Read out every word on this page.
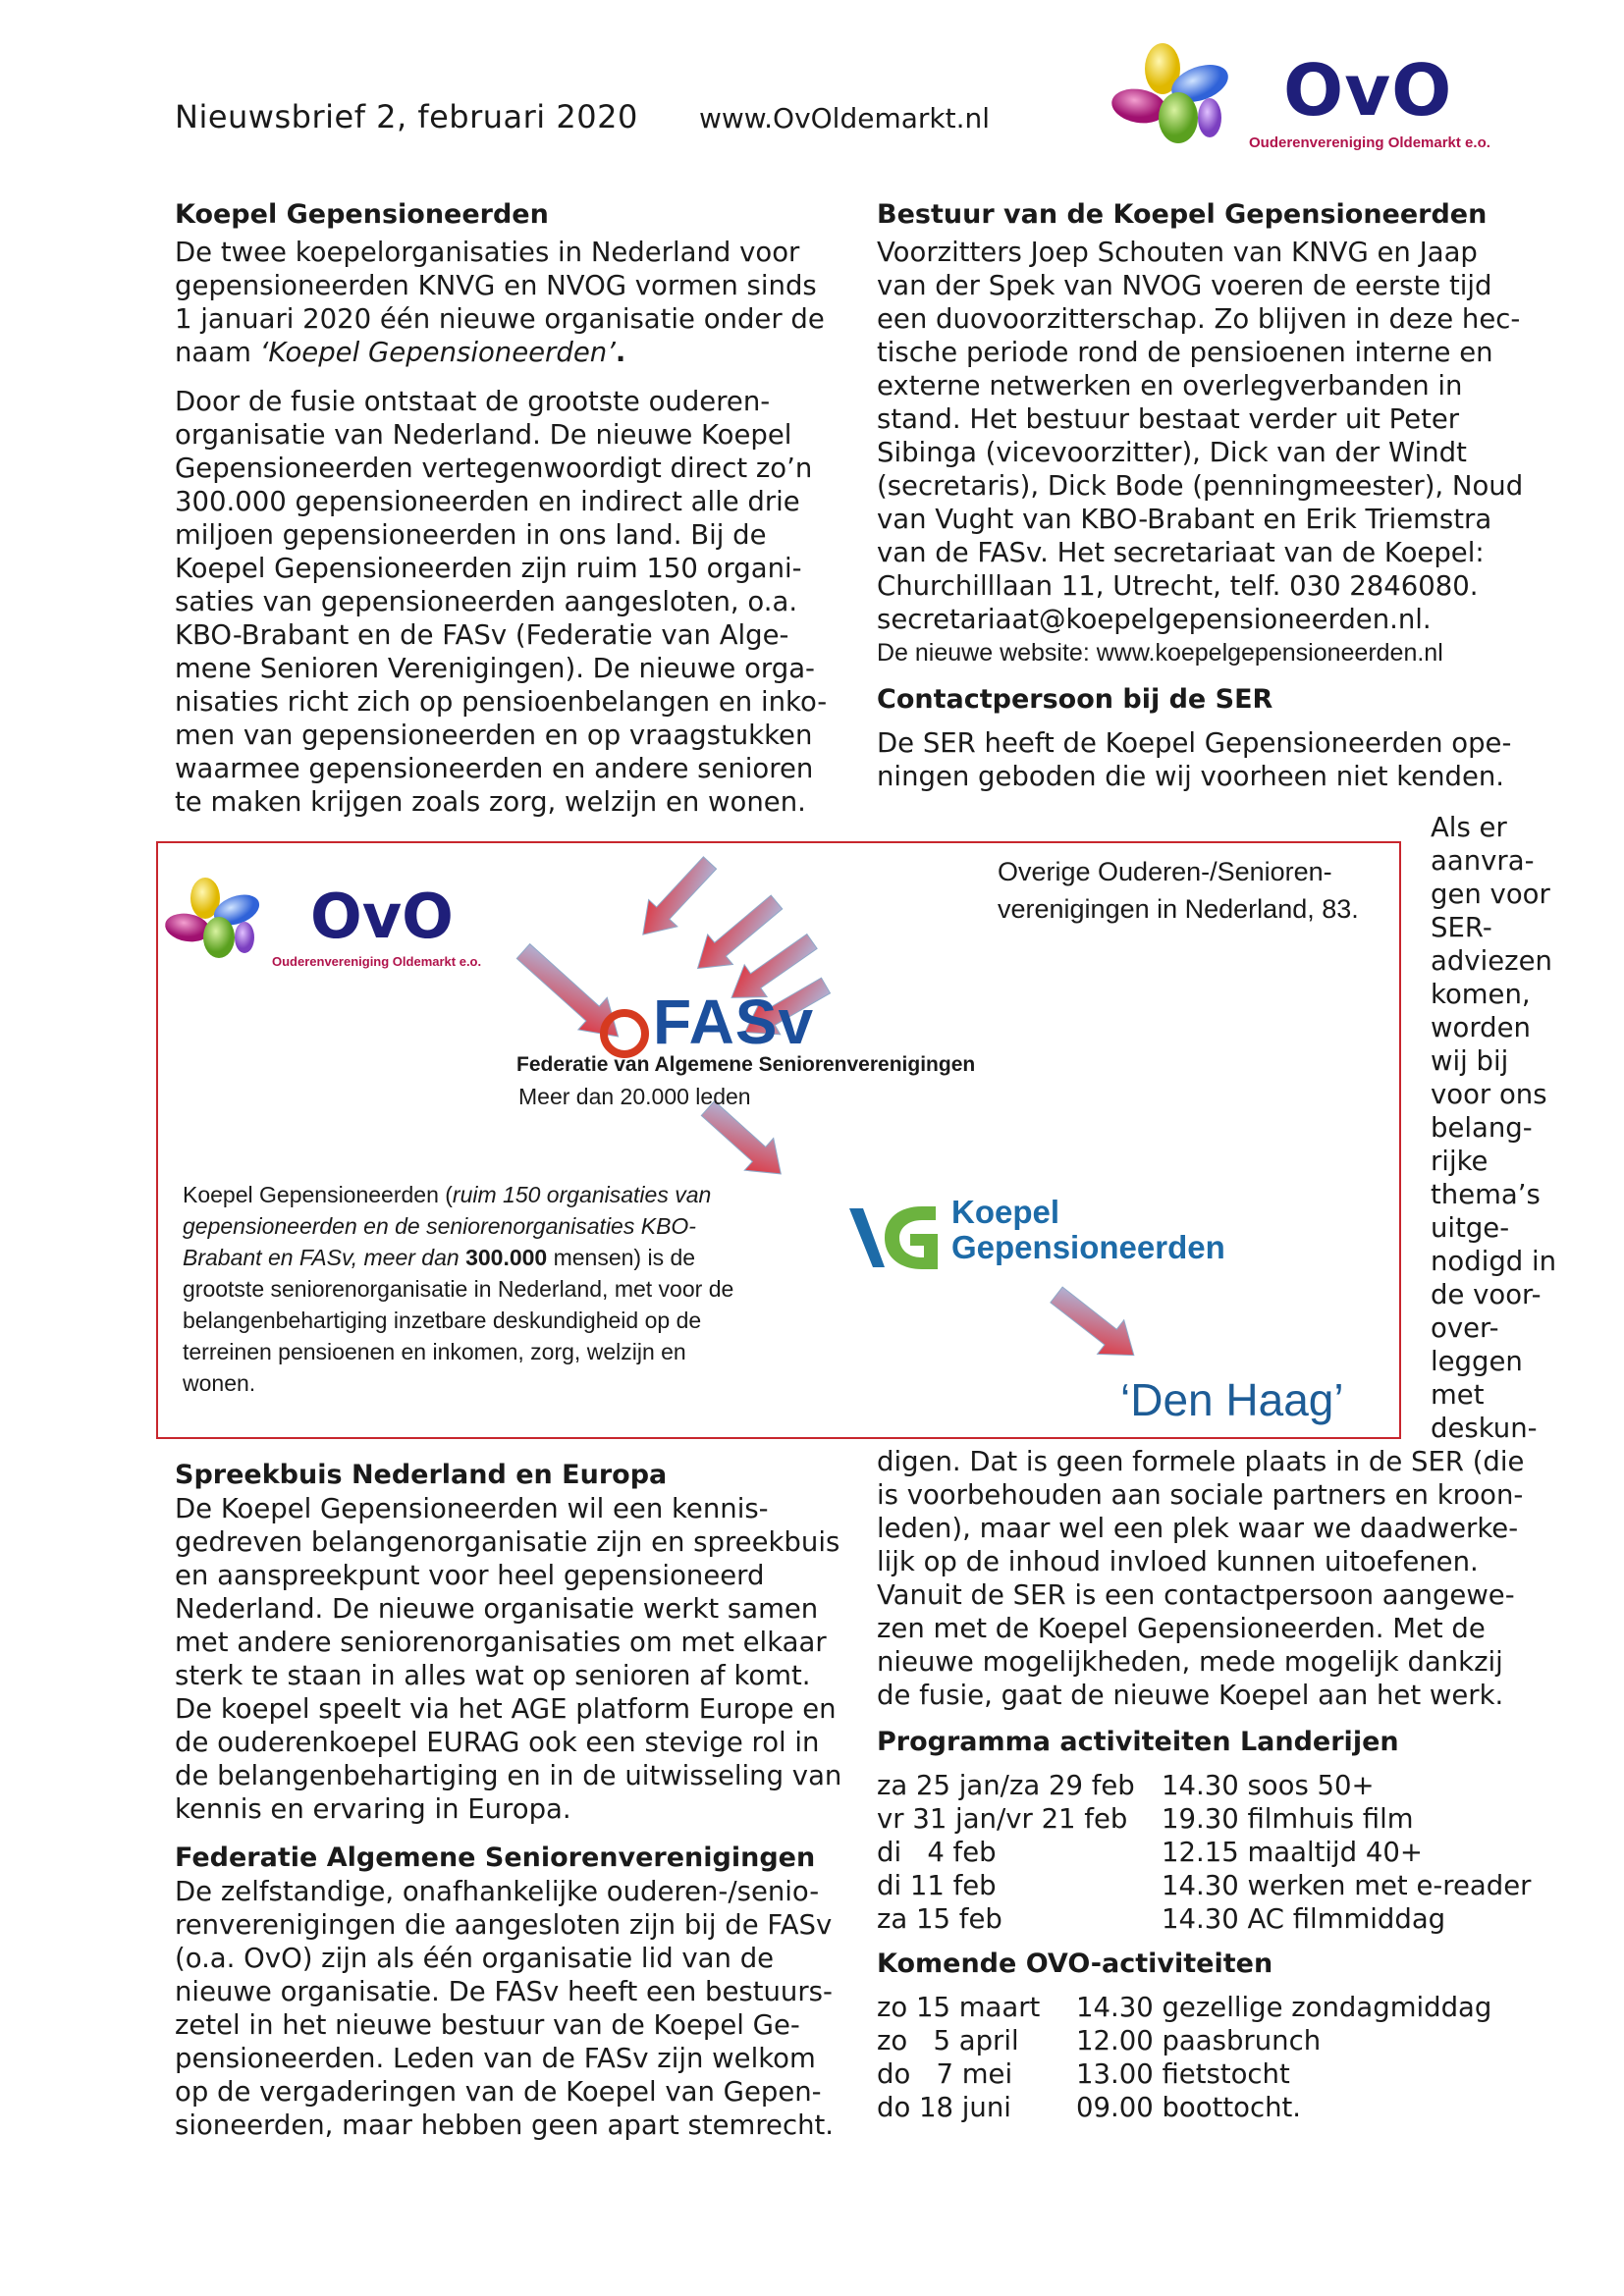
Nieuwsbrief 2, februari 2020 www.OvOldemarkt.nl	OvO
Ouderenvereniging Oldemarkt e.o.
Koepel Gepensioneerden

De twee koepelorganisaties in Nederland voor

gepensioneerden KNVG en NVOG vormen sinds

1 januari 2020 één nieuwe organisatie onder de

naam ‘Koepel Gepensioneerden’.

Door de fusie ontstaat de grootste ouderen-

organisatie van Nederland. De nieuwe Koepel

Gepensioneerden vertegenwoordigt direct zo’n

300.000 gepensioneerden en indirect alle drie

miljoen gepensioneerden in ons land. Bij de

Koepel Gepensioneerden zijn ruim 150 organi-

saties van gepensioneerden aangesloten, o.a.

KBO-Brabant en de FASv (Federatie van Alge-

mene Senioren Verenigingen). De nieuwe orga-

nisaties richt zich op pensioenbelangen en inko-

men van gepensioneerden en op vraagstukken

waarmee gepensioneerden en andere senioren

te maken krijgen zoals zorg, welzijn en wonen.

Bestuur van de Koepel Gepensioneerden

Voorzitters Joep Schouten van KNVG en Jaap

van der Spek van NVOG voeren de eerste tijd

een duovoorzitterschap. Zo blijven in deze hec-

tische periode rond de pensioenen interne en

externe netwerken en overlegverbanden in

stand. Het bestuur bestaat verder uit Peter

Sibinga (vicevoorzitter), Dick van der Windt

(secretaris), Dick Bode (penningmeester), Noud

van Vught van KBO-Brabant en Erik Triemstra

van de FASv. Het secretariaat van de Koepel:

Churchilllaan 11, Utrecht, telf. 030 2846080.

secretariaat@koepelgepensioneerden.nl.

De nieuwe website: www.koepelgepensioneerden.nl

Contactpersoon bij de SER

De SER heeft de Koepel Gepensioneerden ope-

ningen geboden die wij voorheen niet kenden.

Als er

aanvra-

gen voor

SER-

adviezen

komen,

worden

wij bij

voor ons

belang-

rijke

thema’s

uitge-

nodigd in

de voor-

over-

leggen

met

deskun-

OvO
Ouderenvereniging Oldemarkt e.o.
Overige Ouderen-/Senioren-
verenigingen in Nederland, 83.
FASv
Federatie van Algemene Seniorenverenigingen
Meer dan 20.000 leden
Koepel Gepensioneerden (ruim 150 organisaties van
gepensioneerden en de seniorenorganisaties KBO-
Brabant en FASv, meer dan 300.000 mensen) is de
grootste seniorenorganisatie in Nederland, met voor de
belangenbehartiging inzetbare deskundigheid op de
terreinen pensioenen en inkomen, zorg, welzijn en
wonen.
Koepel
Gepensioneerden
‘Den Haag’
Spreekbuis Nederland en Europa

De Koepel Gepensioneerden wil een kennis-

gedreven belangenorganisatie zijn en spreekbuis

en aanspreekpunt voor heel gepensioneerd

Nederland. De nieuwe organisatie werkt samen

met andere seniorenorganisaties om met elkaar

sterk te staan in alles wat op senioren af komt.

De koepel speelt via het AGE platform Europe en

de ouderenkoepel EURAG ook een stevige rol in

de belangenbehartiging en in de uitwisseling van

kennis en ervaring in Europa.

Federatie Algemene Seniorenverenigingen

De zelfstandige, onafhankelijke ouderen-/senio-

renverenigingen die aangesloten zijn bij de FASv

(o.a. OvO) zijn als één organisatie lid van de

nieuwe organisatie. De FASv heeft een bestuurs-

zetel in het nieuwe bestuur van de Koepel Ge-

pensioneerden. Leden van de FASv zijn welkom

op de vergaderingen van de Koepel van Gepen-

sioneerden, maar hebben geen apart stemrecht.

digen. Dat is geen formele plaats in de SER (die

is voorbehouden aan sociale partners en kroon-

leden), maar wel een plek waar we daadwerke-

lijk op de inhoud invloed kunnen uitoefenen.

Vanuit de SER is een contactpersoon aangewe-

zen met de Koepel Gepensioneerden. Met de

nieuwe mogelijkheden, mede mogelijk dankzij

de fusie, gaat de nieuwe Koepel aan het werk.

Programma activiteiten Landerijen
za 25 jan/za 29 feb 14.30 soos 50+
vr 31 jan/vr 21 feb	19.30 filmhuis film
di   4 feb	12.15 maaltijd 40+
di 11 feb	14.30 werken met e-reader
za 15 feb	14.30 AC filmmiddag
Komende OVO-activiteiten
zo 15 maart	14.30 gezellige zondagmiddag
zo   5 april	12.00 paasbrunch
do   7 mei	13.00 fietstocht
do 18 juni	09.00 boottocht.
